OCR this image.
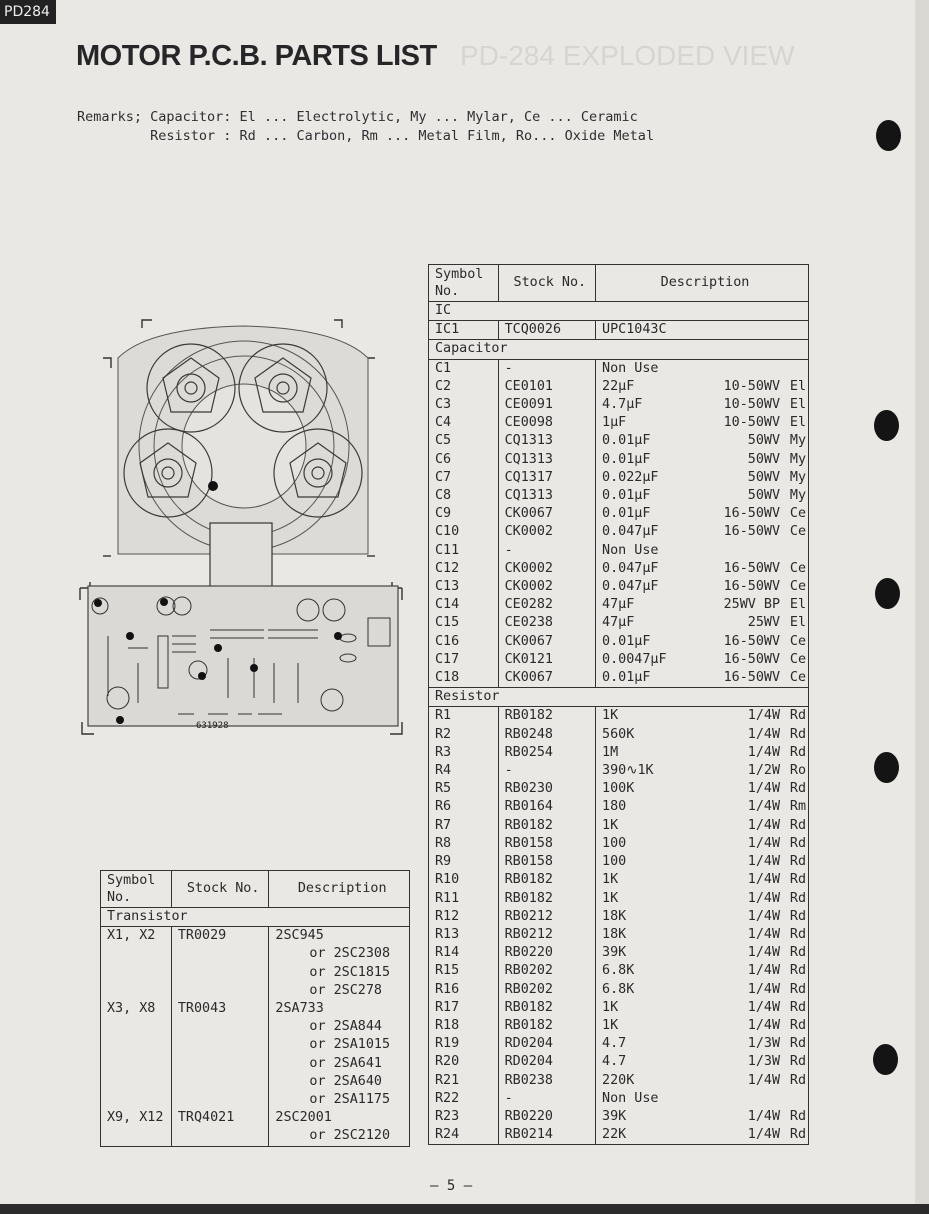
PD284
PD-284 EXPLODED VIEW
MOTOR P.C.B. PARTS LIST
Remarks; Capacitor: El ... Electrolytic, My ... Mylar, Ce ... Ceramic
Resistor : Rd ... Carbon, Rm ... Metal Film, Ro... Oxide Metal
631928
Symbol
No.	Stock No.	Description
IC		
IC1	TCQ0026	UPC1043C

Capacitor		
C1	-	Non Use

C2	CE0101	22µF 10-50WV El

C3	CE0091	4.7µF 10-50WV El

C4	CE0098	1µF 10-50WV El

C5	CQ1313	0.01µF 50WV My

C6	CQ1313	0.01µF 50WV My

C7	CQ1317	0.022µF 50WV My

C8	CQ1313	0.01µF 50WV My

C9	CK0067	0.01µF 16-50WV Ce

C10	CK0002	0.047µF 16-50WV Ce

C11	-	Non Use

C12	CK0002	0.047µF 16-50WV Ce

C13	CK0002	0.047µF 16-50WV Ce

C14	CE0282	47µF 25WV BP El

C15	CE0238	47µF 25WV El

C16	CK0067	0.01µF 16-50WV Ce

C17	CK0121	0.0047µF 16-50WV Ce

C18	CK0067	0.01µF 16-50WV Ce

Resistor		
R1	RB0182	1K 1/4W Rd

R2	RB0248	560K 1/4W Rd

R3	RB0254	1M 1/4W Rd

R4	-	390∿1K 1/2W Ro

R5	RB0230	100K 1/4W Rd

R6	RB0164	180 1/4W Rm

R7	RB0182	1K 1/4W Rd

R8	RB0158	100 1/4W Rd

R9	RB0158	100 1/4W Rd

R10	RB0182	1K 1/4W Rd

R11	RB0182	1K 1/4W Rd

R12	RB0212	18K 1/4W Rd

R13	RB0212	18K 1/4W Rd

R14	RB0220	39K 1/4W Rd

R15	RB0202	6.8K 1/4W Rd

R16	RB0202	6.8K 1/4W Rd

R17	RB0182	1K 1/4W Rd

R18	RB0182	1K 1/4W Rd

R19	RD0204	4.7 1/3W Rd

R20	RD0204	4.7 1/3W Rd

R21	RB0238	220K 1/4W Rd

R22	-	Non Use

R23	RB0220	39K 1/4W Rd

R24	RB0214	22K 1/4W Rd
Symbol
No.	Stock No.	Description
Transistor		
X1, X2	TR0029	2SC945
		or 2SC2308
		or 2SC1815
		or 2SC278
X3, X8	TR0043	2SA733
		or 2SA844
		or 2SA1015
		or 2SA641
		or 2SA640
		or 2SA1175
X9, X12	TRQ4021	2SC2001
		or 2SC2120
— 5 —
